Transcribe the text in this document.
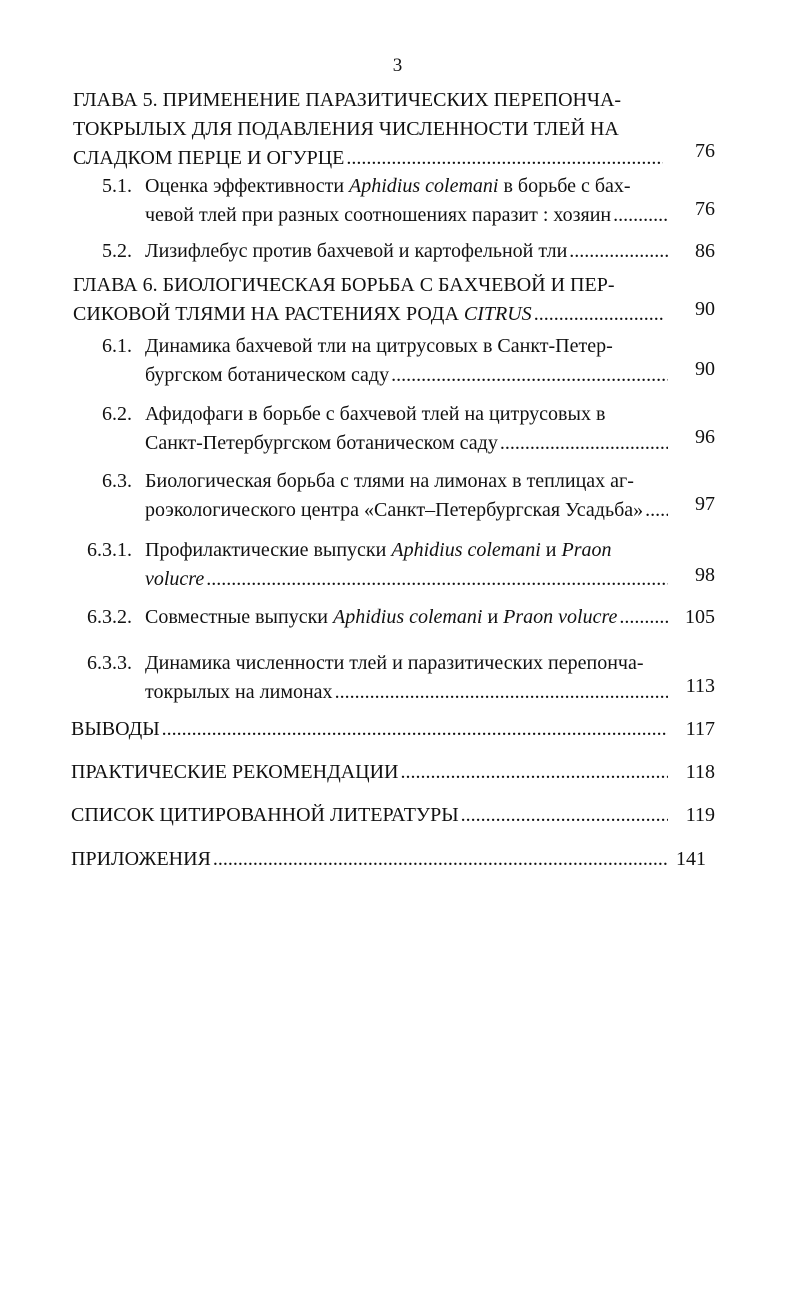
3
ГЛАВА 5. ПРИМЕНЕНИЕ ПАРАЗИТИЧЕСКИХ ПЕРЕПОНЧА-
ТОКРЫЛЫХ ДЛЯ ПОДАВЛЕНИЯ ЧИСЛЕННОСТИ ТЛЕЙ НА
СЛАДКОМ ПЕРЦЕ И ОГУРЦЕ .....	76
5.1. Оценка эффективности Aphidius colemani в борьбе с бах-
чевой тлей при разных соотношениях паразит : хозяин .....	76
5.2. Лизифлебус против бахчевой и картофельной тли .....	86
ГЛАВА 6. БИОЛОГИЧЕСКАЯ БОРЬБА С БАХЧЕВОЙ И ПЕР-
СИКОВОЙ ТЛЯМИ НА РАСТЕНИЯХ РОДА CITRUS .....	90
6.1. Динамика бахчевой тли на цитрусовых в Санкт-Петер-
бургском ботаническом саду .....	90
6.2. Афидофаги в борьбе с бахчевой тлей на цитрусовых в
Санкт-Петербургском ботаническом саду .....	96
6.3. Биологическая борьба с тлями на лимонах в теплицах аг-
роэкологического центра «Санкт–Петербургская Усадьба» .....	97
6.3.1. Профилактические выпуски Aphidius colemani и Praon
volucre .....	98
6.3.2. Совместные выпуски Aphidius colemani и Praon volucre .....	105
6.3.3. Динамика численности тлей и паразитических перепонча-
токрылых на лимонах .....	113
ВЫВОДЫ .....	117
ПРАКТИЧЕСКИЕ РЕКОМЕНДАЦИИ .....	118
СПИСОК ЦИТИРОВАННОЙ ЛИТЕРАТУРЫ .....	119
ПРИЛОЖЕНИЯ .....	141
